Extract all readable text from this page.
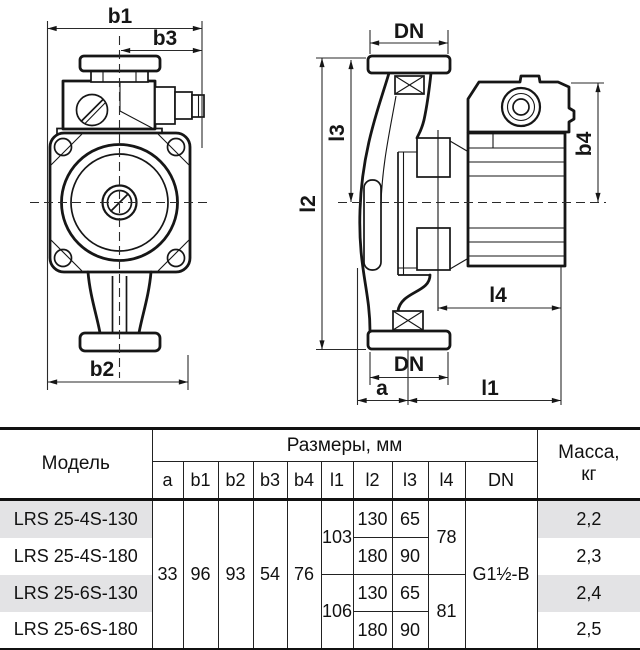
b1
b3
b2
DN
l2
l3	b4
l4
DN
a	l1
Модель	Размеры, мм										Масса,
кг
	a	b1	b2	b3	b4	l1	l2	l3	l4	DN	
LRS 25-4S-130	33	96	93	54	76	103	130	65	78	G1½-B	2,2
LRS 25-4S-180							180	90			2,3
LRS 25-6S-130						106	130	65	81		2,4
LRS 25-6S-180							180	90			2,5
